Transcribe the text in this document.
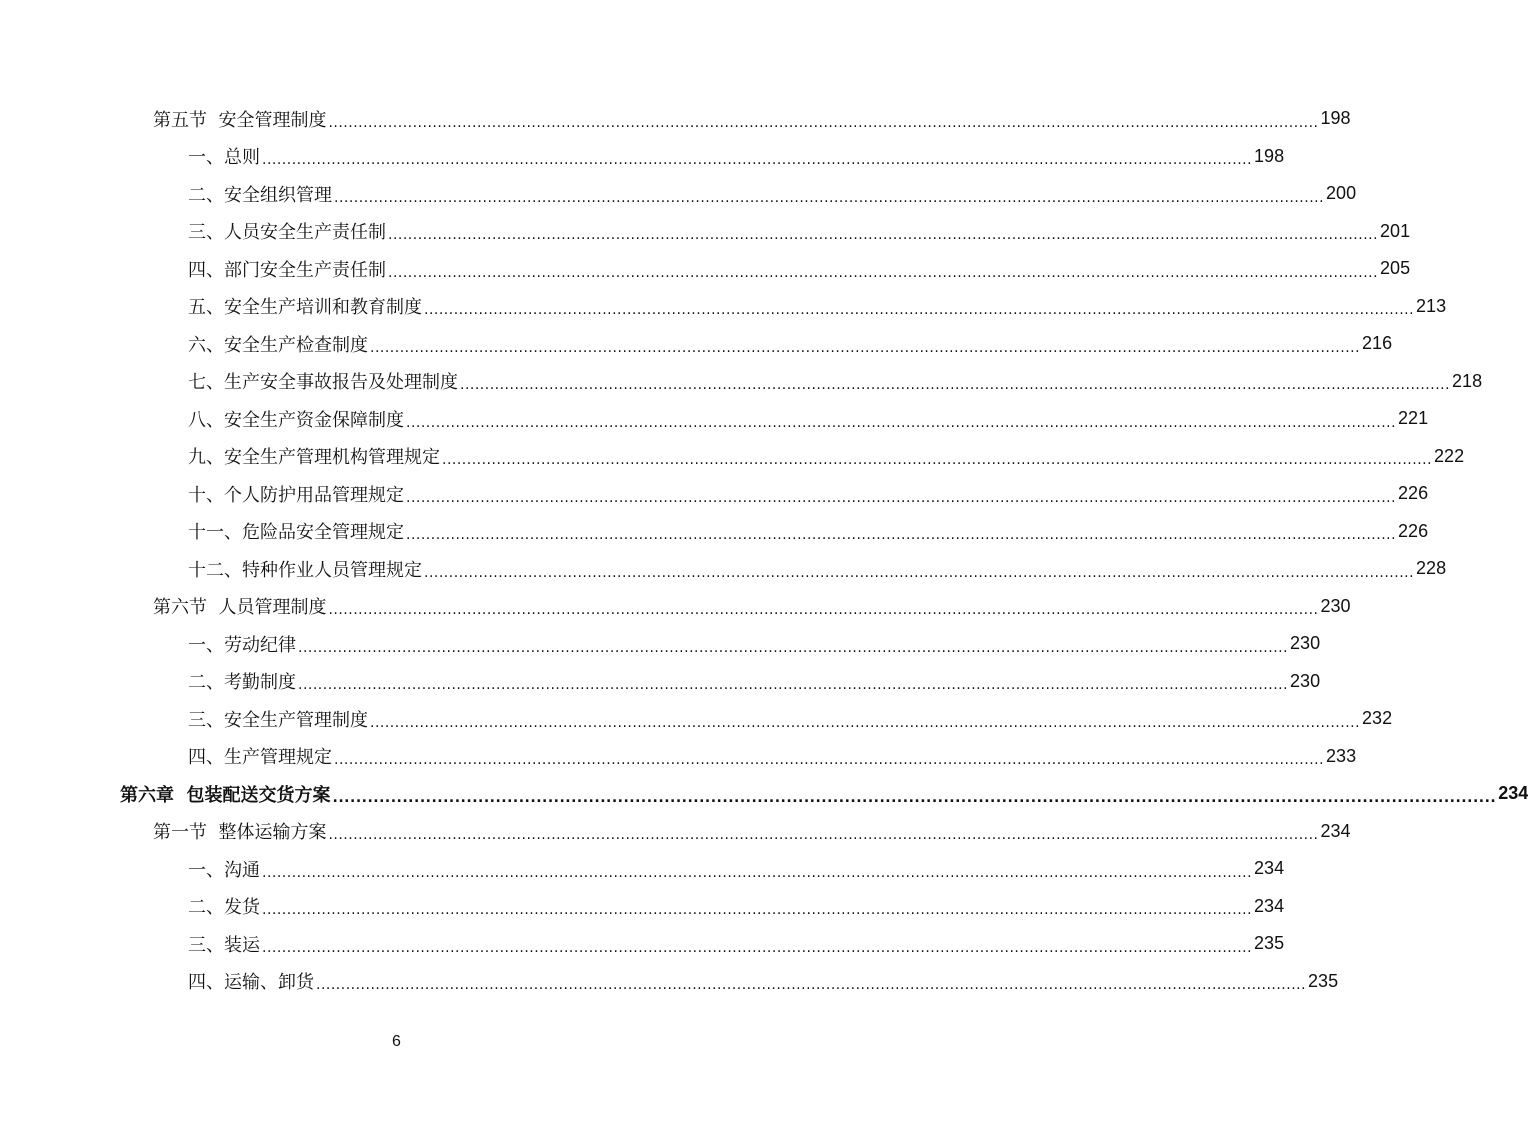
第五节  安全管理制度 ........................................................................................................................................................................................................ 198
一、总则 ........................................................................................................................................................................................................ 198
二、安全组织管理 ........................................................................................................................................................................................................ 200
三、人员安全生产责任制 ........................................................................................................................................................................................................ 201
四、部门安全生产责任制 ........................................................................................................................................................................................................ 205
五、安全生产培训和教育制度 ........................................................................................................................................................................................................ 213
六、安全生产检查制度 ........................................................................................................................................................................................................ 216
七、生产安全事故报告及处理制度 ........................................................................................................................................................................................................ 218
八、安全生产资金保障制度 ........................................................................................................................................................................................................ 221
九、安全生产管理机构管理规定 ........................................................................................................................................................................................................ 222
十、个人防护用品管理规定 ........................................................................................................................................................................................................ 226
十一、危险品安全管理规定 ........................................................................................................................................................................................................ 226
十二、特种作业人员管理规定 ........................................................................................................................................................................................................ 228
第六节  人员管理制度 ........................................................................................................................................................................................................ 230
一、劳动纪律 ........................................................................................................................................................................................................ 230
二、考勤制度 ........................................................................................................................................................................................................ 230
三、安全生产管理制度 ........................................................................................................................................................................................................ 232
四、生产管理规定 ........................................................................................................................................................................................................ 233
第六章  包装配送交货方案 ........................................................................................................................................................................................................ 234
第一节  整体运输方案 ........................................................................................................................................................................................................ 234
一、沟通 ........................................................................................................................................................................................................ 234
二、发货 ........................................................................................................................................................................................................ 234
三、装运 ........................................................................................................................................................................................................ 235
四、运输、卸货 ........................................................................................................................................................................................................ 235
6
